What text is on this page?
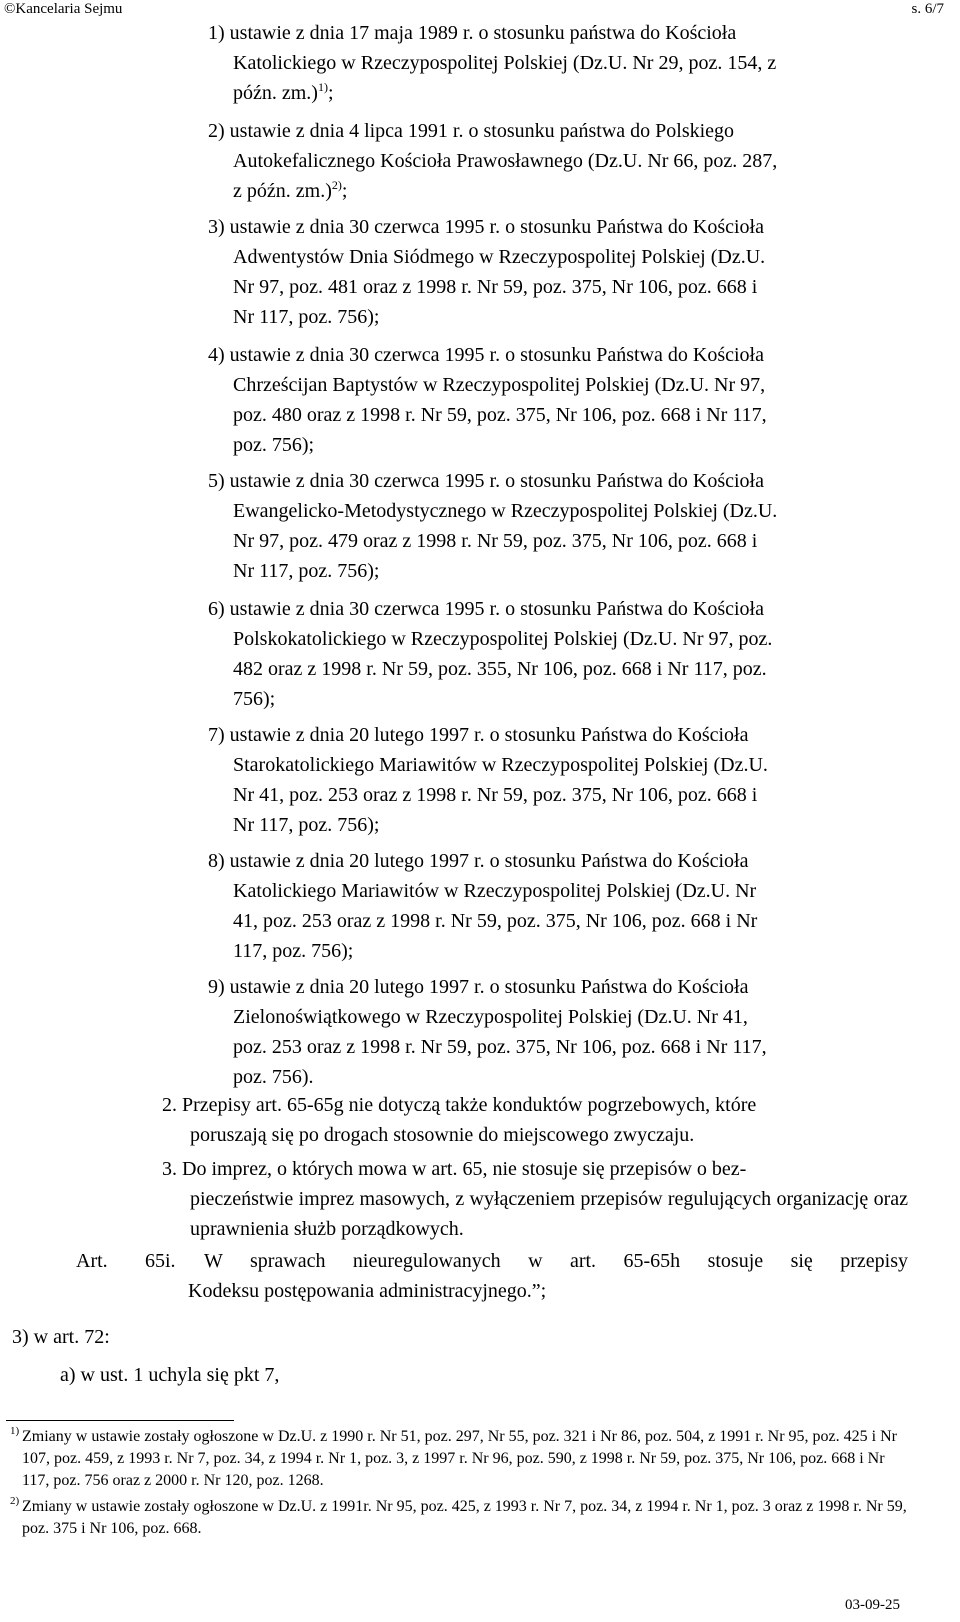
©Kancelaria Sejmu	s. 6/7
1) ustawie z dnia 17 maja 1989 r. o stosunku państwa do Kościoła
Katolickiego w Rzeczypospolitej Polskiej (Dz.U. Nr 29, poz. 154, z
późn. zm.)$^{1)}$;
2) ustawie z dnia 4 lipca 1991 r. o stosunku państwa do Polskiego
Autokefalicznego Kościoła Prawosławnego (Dz.U. Nr 66, poz. 287,
z późn. zm.)$^{2)}$;
3) ustawie z dnia 30 czerwca 1995 r. o stosunku Państwa do Kościoła
Adwentystów Dnia Siódmego w Rzeczypospolitej Polskiej (Dz.U.
Nr 97, poz. 481 oraz z 1998 r. Nr 59, poz. 375, Nr 106, poz. 668 i
Nr 117, poz. 756);
4) ustawie z dnia 30 czerwca 1995 r. o stosunku Państwa do Kościoła
Chrześcijan Baptystów w Rzeczypospolitej Polskiej (Dz.U. Nr 97,
poz. 480 oraz z 1998 r. Nr 59, poz. 375, Nr 106, poz. 668 i Nr 117,
poz. 756);
5) ustawie z dnia 30 czerwca 1995 r. o stosunku Państwa do Kościoła
Ewangelicko-Metodystycznego w Rzeczypospolitej Polskiej (Dz.U.
Nr 97, poz. 479 oraz z 1998 r. Nr 59, poz. 375, Nr 106, poz. 668 i
Nr 117, poz. 756);
6) ustawie z dnia 30 czerwca 1995 r. o stosunku Państwa do Kościoła
Polskokatolickiego w Rzeczypospolitej Polskiej (Dz.U. Nr 97, poz.
482 oraz z 1998 r. Nr 59, poz. 355, Nr 106, poz. 668 i Nr 117, poz.
756);
7) ustawie z dnia 20 lutego 1997 r. o stosunku Państwa do Kościoła
Starokatolickiego Mariawitów w Rzeczypospolitej Polskiej (Dz.U.
Nr 41, poz. 253 oraz z 1998 r. Nr 59, poz. 375, Nr 106, poz. 668 i
Nr 117, poz. 756);
8) ustawie z dnia 20 lutego 1997 r. o stosunku Państwa do Kościoła
Katolickiego Mariawitów w Rzeczypospolitej Polskiej (Dz.U. Nr
41, poz. 253 oraz z 1998 r. Nr 59, poz. 375, Nr 106, poz. 668 i Nr
117, poz. 756);
9) ustawie z dnia 20 lutego 1997 r. o stosunku Państwa do Kościoła
Zielonoświątkowego w Rzeczypospolitej Polskiej (Dz.U. Nr 41,
poz. 253 oraz z 1998 r. Nr 59, poz. 375, Nr 106, poz. 668 i Nr 117,
poz. 756).
2. Przepisy art. 65-65g nie dotyczą także konduktów pogrzebowych, które
poruszają się po drogach stosownie do miejscowego zwyczaju.
3. Do imprez, o których mowa w art. 65, nie stosuje się przepisów o bez-
pieczeństwie imprez masowych, z wyłączeniem przepisów regulujących organizację oraz uprawnienia służb porządkowych.
Art. 65i. W sprawach nieuregulowanych w art. 65-65h stosuje się przepisy
Kodeksu postępowania administracyjnego.”;
3) w art. 72:
a) w ust. 1 uchyla się pkt 7,
1) Zmiany w ustawie zostały ogłoszone w Dz.U. z 1990 r. Nr 51, poz. 297, Nr 55, poz. 321 i Nr 86, poz. 504, z 1991 r. Nr 95, poz. 425 i Nr 107, poz. 459, z 1993 r. Nr 7, poz. 34, z 1994 r. Nr 1, poz. 3, z 1997 r. Nr 96, poz. 590, z 1998 r. Nr 59, poz. 375, Nr 106, poz. 668 i Nr 117, poz. 756 oraz z 2000 r. Nr 120, poz. 1268.
2) Zmiany w ustawie zostały ogłoszone w Dz.U. z 1991r. Nr 95, poz. 425, z 1993 r. Nr 7, poz. 34, z 1994 r. Nr 1, poz. 3 oraz z 1998 r. Nr 59, poz. 375 i Nr 106, poz. 668.
03-09-25
